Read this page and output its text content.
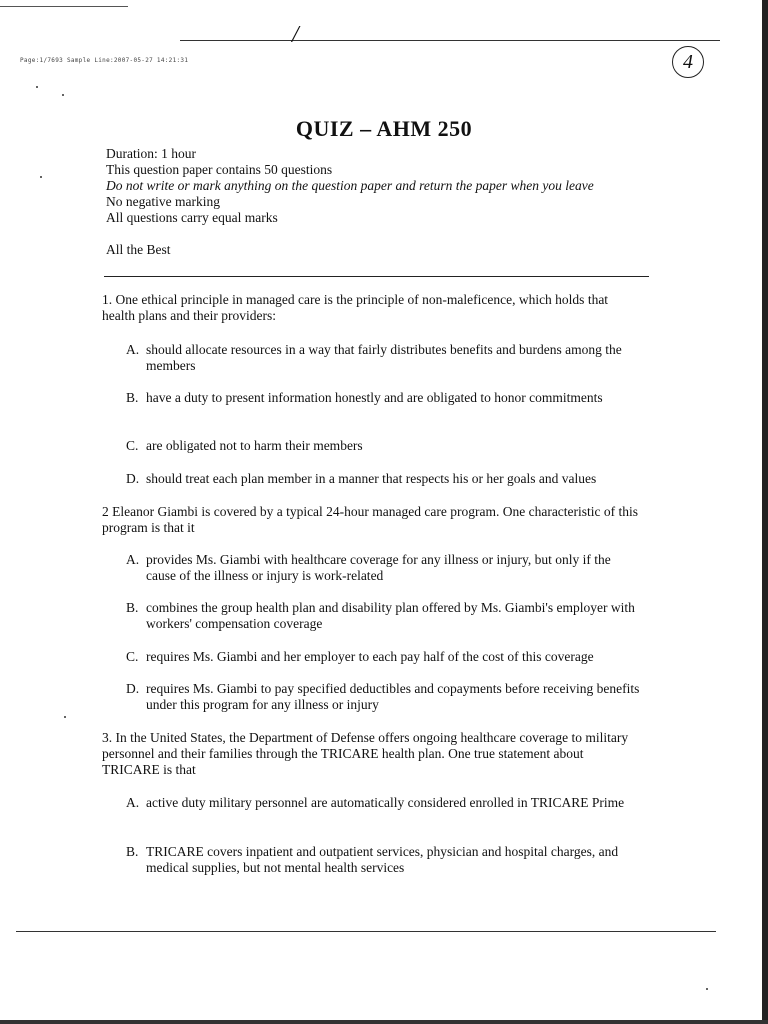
/
Page:1/7693 Sample Line:2007-05-27 14:21:31	4
QUIZ – AHM 250
Duration: 1 hour
This question paper contains 50 questions
Do not write or mark anything on the question paper and return the paper when you leave
No negative marking
All questions carry equal marks
All the Best
1. One ethical principle in managed care is the principle of non-maleficence, which holds that health plans and their providers:
A. should allocate resources in a way that fairly distributes benefits and burdens among the members
B. have a duty to present information honestly and are obligated to honor commitments
C. are obligated not to harm their members
D. should treat each plan member in a manner that respects his or her goals and values
2 Eleanor Giambi is covered by a typical 24-hour managed care program. One characteristic of this program is that it
A. provides Ms. Giambi with healthcare coverage for any illness or injury, but only if the cause of the illness or injury is work-related
B. combines the group health plan and disability plan offered by Ms. Giambi's employer with workers' compensation coverage
C. requires Ms. Giambi and her employer to each pay half of the cost of this coverage
D. requires Ms. Giambi to pay specified deductibles and copayments before receiving benefits under this program for any illness or injury
3. In the United States, the Department of Defense offers ongoing healthcare coverage to military personnel and their families through the TRICARE health plan. One true statement about TRICARE is that
A. active duty military personnel are automatically considered enrolled in TRICARE Prime
B. TRICARE covers inpatient and outpatient services, physician and hospital charges, and medical supplies, but not mental health services
